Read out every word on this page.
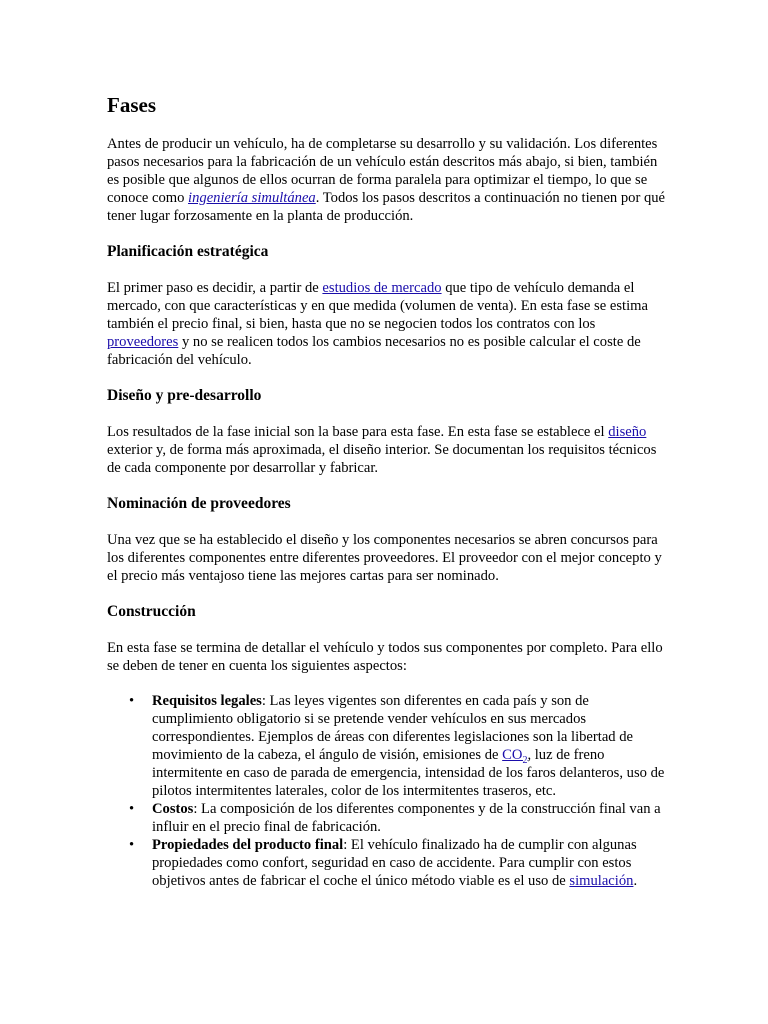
Fases

Antes de producir un vehículo, ha de completarse su desarrollo y su validación. Los diferentes pasos necesarios para la fabricación de un vehículo están descritos más abajo, si bien, también es posible que algunos de ellos ocurran de forma paralela para optimizar el tiempo, lo que se conoce como ingeniería simultánea. Todos los pasos descritos a continuación no tienen por qué tener lugar forzosamente en la planta de producción.

Planificación estratégica

El primer paso es decidir, a partir de estudios de mercado que tipo de vehículo demanda el mercado, con que características y en que medida (volumen de venta). En esta fase se estima también el precio final, si bien, hasta que no se negocien todos los contratos con los proveedores y no se realicen todos los cambios necesarios no es posible calcular el coste de fabricación del vehículo.

Diseño y pre-desarrollo

Los resultados de la fase inicial son la base para esta fase. En esta fase se establece el diseño exterior y, de forma más aproximada, el diseño interior. Se documentan los requisitos técnicos de cada componente por desarrollar y fabricar.

Nominación de proveedores

Una vez que se ha establecido el diseño y los componentes necesarios se abren concursos para los diferentes componentes entre diferentes proveedores. El proveedor con el mejor concepto y el precio más ventajoso tiene las mejores cartas para ser nominado.

Construcción

En esta fase se termina de detallar el vehículo y todos sus componentes por completo. Para ello se deben de tener en cuenta los siguientes aspectos:

• Requisitos legales: Las leyes vigentes son diferentes en cada país y son de cumplimiento obligatorio si se pretende vender vehículos en sus mercados correspondientes. Ejemplos de áreas con diferentes legislaciones son la libertad de movimiento de la cabeza, el ángulo de visión, emisiones de $CO_2$, luz de freno intermitente en caso de parada de emergencia, intensidad de los faros delanteros, uso de pilotos intermitentes laterales, color de los intermitentes traseros, etc.
• Costos: La composición de los diferentes componentes y de la construcción final van a influir en el precio final de fabricación.
• Propiedades del producto final: El vehículo finalizado ha de cumplir con algunas propiedades como confort, seguridad en caso de accidente. Para cumplir con estos objetivos antes de fabricar el coche el único método viable es el uso de simulación.
